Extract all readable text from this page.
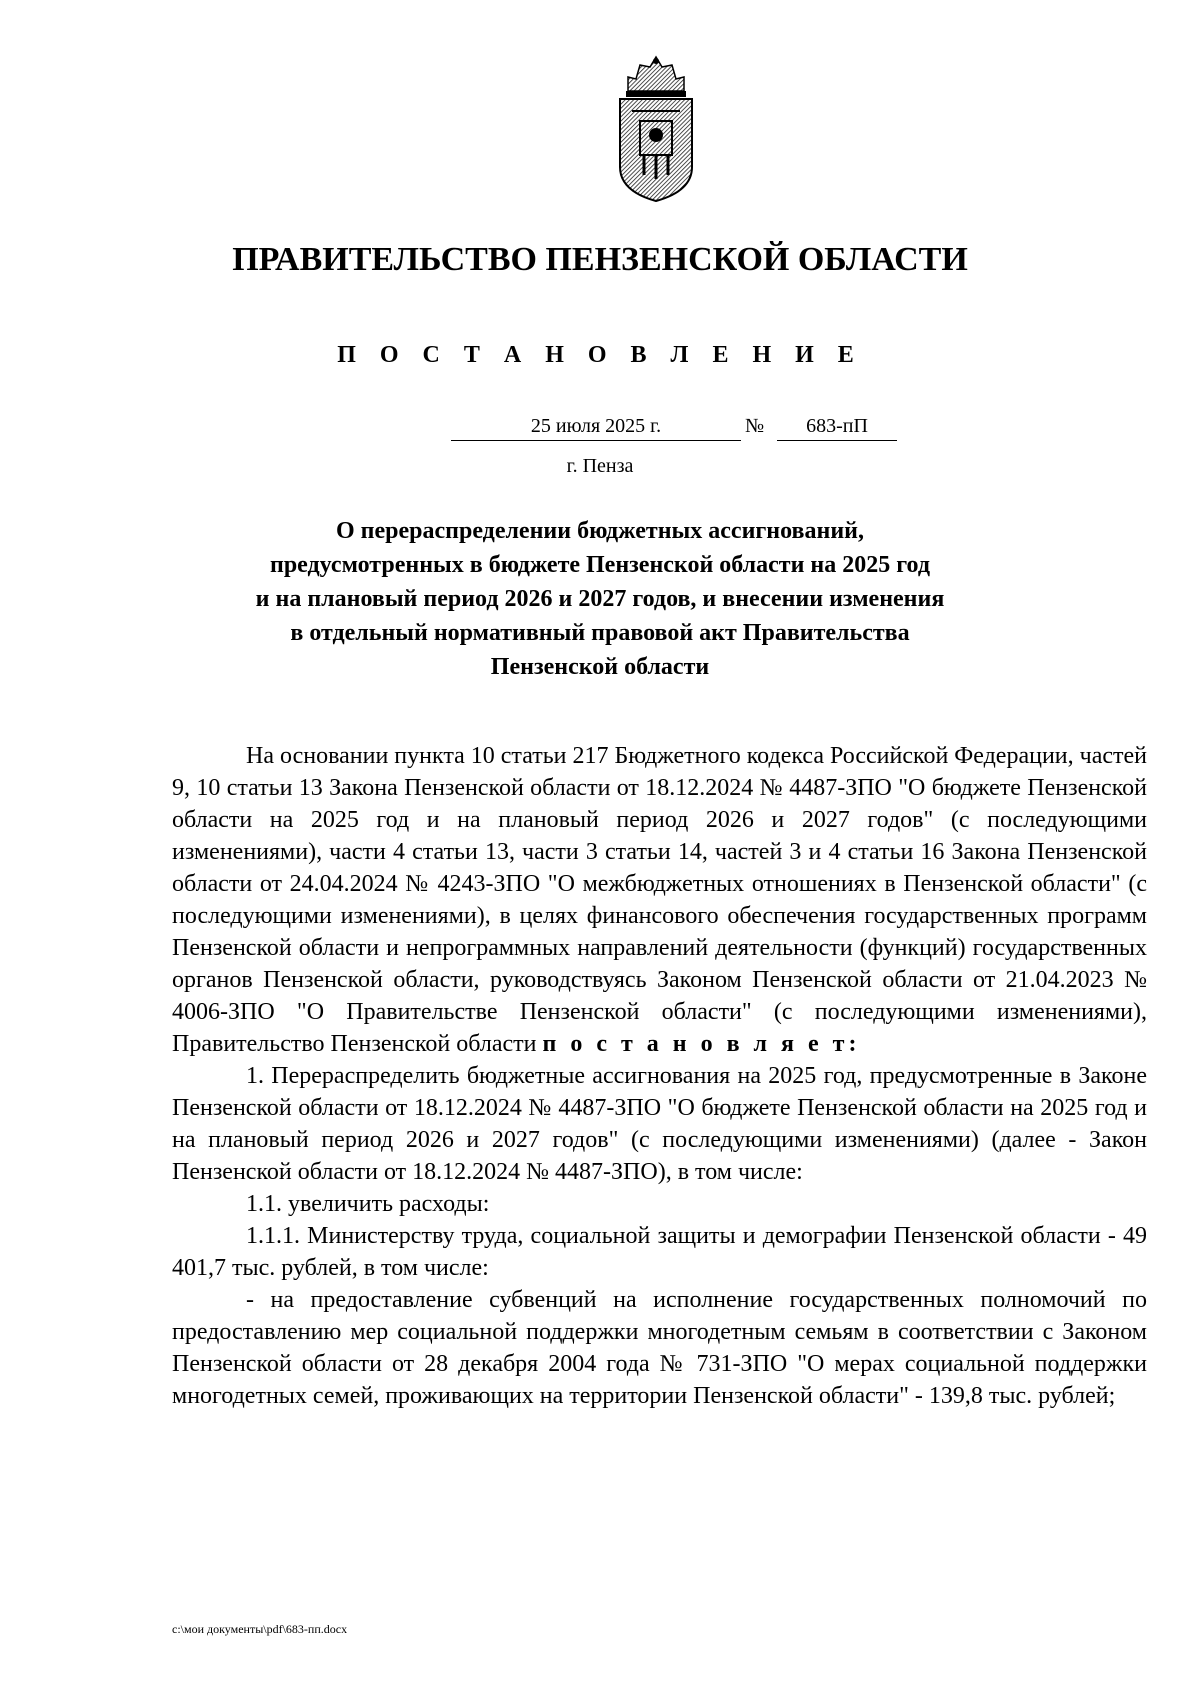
ПРАВИТЕЛЬСТВО ПЕНЗЕНСКОЙ ОБЛАСТИ
П О С Т А Н О В Л Е Н И Е
25 июля 2025 г.	№	683-пП
г. Пенза
О перераспределении бюджетных ассигнований,
предусмотренных в бюджете Пензенской области на 2025 год
и на плановый период 2026 и 2027 годов, и внесении изменения
в отдельный нормативный правовой акт Правительства
Пензенской области

На основании пункта 10 статьи 217 Бюджетного кодекса Российской Федерации, частей 9, 10 статьи 13 Закона Пензенской области от 18.12.2024 № 4487-ЗПО "О бюджете Пензенской области на 2025 год и на плановый период 2026 и 2027 годов" (с последующими изменениями), части 4 статьи 13, части 3 статьи 14, частей 3 и 4 статьи 16 Закона Пензенской области от 24.04.2024 № 4243-ЗПО "О межбюджетных отношениях в Пензенской области" (с последующими изменениями), в целях финансового обеспечения государственных программ Пензенской области и непрограммных направлений деятельности (функций) государственных органов Пензенской области, руководствуясь Законом Пензенской области от 21.04.2023 № 4006-ЗПО "О Правительстве Пензенской области" (с последующими изменениями), Правительство Пензенской области п о с т а н о в л я е т:

1. Перераспределить бюджетные ассигнования на 2025 год, предусмотренные в Законе Пензенской области от 18.12.2024 № 4487-ЗПО "О бюджете Пензенской области на 2025 год и на плановый период 2026 и 2027 годов" (с последующими изменениями) (далее - Закон Пензенской области от 18.12.2024 № 4487-ЗПО), в том числе:

1.1. увеличить расходы:

1.1.1. Министерству труда, социальной защиты и демографии Пензенской области - 49 401,7 тыс. рублей, в том числе:

- на предоставление субвенций на исполнение государственных полномочий по предоставлению мер социальной поддержки многодетным семьям в соответствии с Законом Пензенской области от 28 декабря 2004 года № 731-ЗПО "О мерах социальной поддержки многодетных семей, проживающих на территории Пензенской области" - 139,8 тыс. рублей;

c:\мои документы\pdf\683-пп.docx
